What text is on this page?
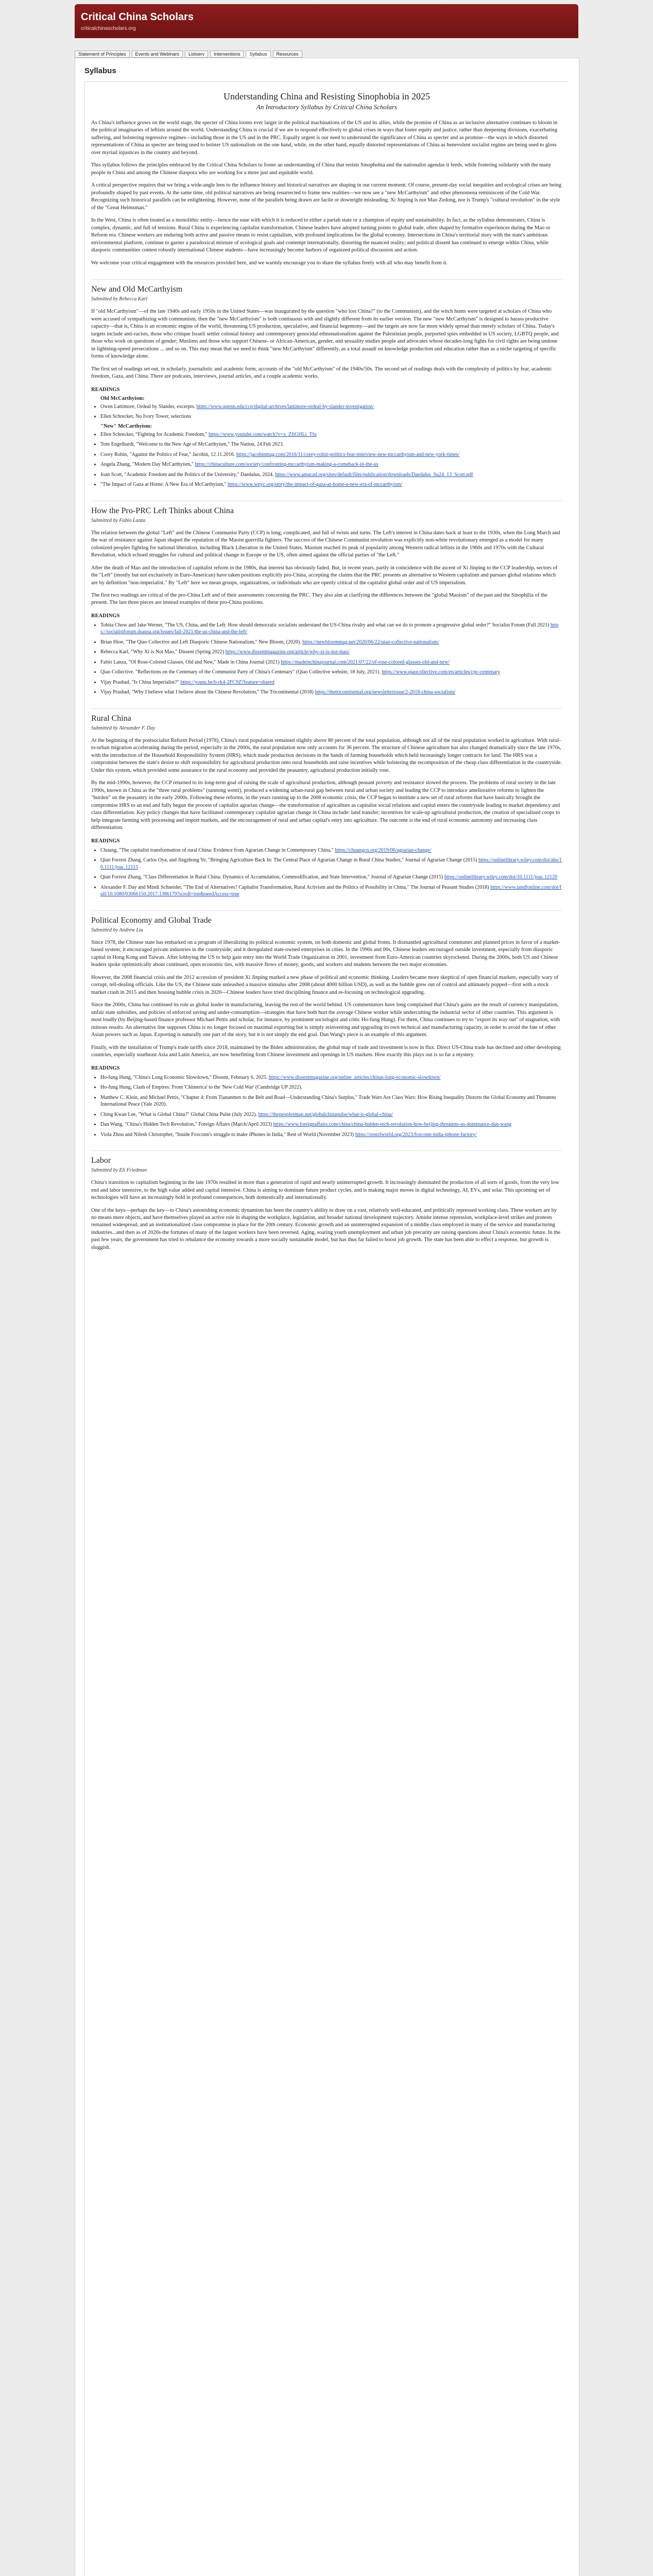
Critical China Scholars
criticalchinascholars.org
Statement of Principles	Events and Webinars	Listserv	Interventions	Syllabus	Resources
Syllabus
Understanding China and Resisting Sinophobia in 2025
An Introductory Syllabus by Critical China Scholars

As China's influence grows on the world stage, the specter of China looms ever larger in the political machinations of the US and its allies, while the promise of China as an inclusive alternative continues to bloom in the political imaginaries of leftists around the world. Understanding China is crucial if we are to respond effectively to global crises in ways that foster equity and justice, rather than deepening divisions, exacerbating suffering, and bolstering regressive regimes—including those in the US and in the PRC. Equally urgent is our need to understand the significance of China as specter and as promise—the ways in which distorted representations of China as specter are being used to bolster US nationalism on the one hand, while, on the other hand, equally distorted representations of China as benevolent socialist regime are being used to gloss over myriad injustices in the country and beyond.

This syllabus follows the principles embraced by the Critical China Scholars to foster an understanding of China that resists Sinophobia and the nationalist agendas it feeds, while fostering solidarity with the many people in China and among the Chinese diaspora who are working for a more just and equitable world.

A critical perspective requires that we bring a wide-angle lens to the influence history and historical narratives are shaping in our current moment. Of course, present-day social inequities and ecological crises are being profoundly shaped by past events. At the same time, old political narratives are being resurrected to frame new realities—we now see a "new McCarthyism" and other phenomena reminiscent of the Cold War. Recognizing such historical parallels can be enlightening. However, none of the parallels being drawn are facile or downright misleading. Xi Jinping is not Mao Zedong, nor is Trump's "cultural revolution" in the style of the "Great Helmsman."

In the West, China is often treated as a monolithic entity—hence the ease with which it is reduced to either a pariah state or a champion of equity and sustainability. In fact, as the syllabus demonstrates, China is complex, dynamic, and full of tensions. Rural China is experiencing capitalist transformation. Chinese leaders have adopted turning points to global trade, often shaped by formative experiences during the Mao or Reform era. Chinese workers are enduring both active and passive means to resist capitalism, with profound implications for the global economy. Intersections in China's territorial story with the state's ambitious environmental platform, continue to garner a paradoxical mixture of ecological goals and contempt internationally, distorting the nuanced reality; and political dissent has continued to emerge within China, while diasporic communities contest robustly international Chinese students—have increasingly become harbors of organized political discussion and action.

We welcome your critical engagement with the resources provided here, and we warmly encourage you to share the syllabus freely with all who may benefit from it.

New and Old McCarthyism
Submitted by Rebecca Karl

If "old McCarthyism"—of the late 1940s and early 1950s in the United States—was inaugurated by the question "who lost China?" (to the Communists), and the witch hunts were targeted at scholars of China who were accused of sympathizing with communism, then the "new McCarthyism" is both continuous with and slightly different from its earlier version. The new "new McCarthyism" is designed to harass productive capacity—that is, China is an economic engine of the world, threatening US production, speculative, and financial hegemony—and the targets are now far more widely spread than merely scholars of China. Today's targets include anti-racists, those who critique Israeli settler colonial history and contemporary genocidal ethnonationalism against the Palestinian people, purported spies embedded in US society, LGBTQ people, and those who work on questions of gender; Muslims and those who support Chinese- or African-American, gender, and sexuality studies people and advocates whose decades-long fights for civil rights are being undone in lightning-speed persecutions ... and so on. This may mean that we need to think "new McCarthyism" differently, as a total assault on knowledge production and education rather than as a niche targeting of specific forms of knowledge alone.

The first set of readings set out, in scholarly, journalistic and academic form, accounts of the "old McCarthyism" of the 1940s/50s. The second set of readings deals with the complexity of politics by fear, academic freedom, Gaza, and China. There are podcasts, interviews, journal articles, and a couple academic works.

READINGS
Old McCarthyism:
• Owen Lattimore, Ordeal by Slander, excerpts. https://www.upenn.edu/ccp/digital-archives/lattimore-ordeal-by-slander-investigation/
• Ellen Schrecker, No Ivory Tower, selections
"New" McCarthyism:
• Ellen Schrecker, "Fighting for Academic Freedom," https://www.youtube.com/watch?v=x_ZfiGHLi_Tfo
• Tom Engelhardt, "Welcome to the New Age of McCarthyism," The Nation, 24 Feb 2023.
• Corey Robin, "Against the Politics of Fear," Jacobin, 12.11.2016. https://jacobinmag.com/2016/11/corey-robin-politics-fear-interview-new-mccarthyism-and-new-york-times/
• Angela Zhang, "Modern Day McCarthyism," https://chinaculture.com/society/confronting-mccarthyism-making-a-comeback-in-the-us
• Joan Scott, "Academic Freedom and the Politics of the University," Daedalus, 2024. https://www.amacad.org/sites/default/files/publication/downloads/Daedalus_Su24_13_Scott.pdf
• "The Impact of Gaza at Home: A New Era of McCarthyism," https://www.wnyc.org/story/the-impact-of-gaza-at-home-a-new-era-of-mccarthyism/
How the Pro-PRC Left Thinks about China
Submitted by Fabio Lanza

The relation between the global "Left" and the Chinese Communist Party (CCP) is long, complicated, and full of twists and turns. The Left's interest in China dates back at least to the 1930s, when the Long March and the war of resistance against Japan shaped the reputation of the Maoist guerrilla fighters. The success of the Chinese Communist revolution was explicitly non-white revolutionary emerged as a model for many colonized peoples fighting for national liberation, including Black Liberation in the United States. Maoism reached its peak of popularity among Western radical leftists in the 1960s and 1970s with the Cultural Revolution, which echoed struggles for cultural and political change in Europe or the US, often aimed against the official parties of "the Left."

After the death of Mao and the introduction of capitalist reform in the 1980s, that interest has obviously faded. But, in recent years, partly in coincidence with the ascent of Xi Jinping to the CCP leadership, sectors of the "Left" (mostly but not exclusively in Euro-American) have taken positions explicitly pro-China, accepting the claims that the PRC presents an alternative to Western capitalism and pursues global relations which are by definition "non-imperialist." By "Left" here we mean groups, organizations, or individuals who are openly critical of the capitalist global order and of US imperialism.

The first two readings are critical of the pro-China Left and of their assessments concerning the PRC. They also aim at clarifying the differences between the "global Maoism" of the past and the Sinophilia of the present. The last three pieces are instead examples of these pro-China positions.

READINGS
• Tobita Chow and Jake Werner, "The US, China, and the Left: How should democratic socialists understand the US-China rivalry and what can we do to promote a progressive global order?" Socialist Forum (Fall 2021) https://socialistforum.dsausa.org/issues/fall-2021/the-us-china-and-the-left/
• Brian Hioe, "The Qiao Collective and Left Diasporic Chinese Nationalism," New Bloom, (2020). https://newbloommag.net/2020/06/22/qiao-collective-nationalism/
• Rebecca Karl, "Why Xi is Not Mao," Dissent (Spring 2022) https://www.dissentmagazine.org/article/why-xi-is-not-mao/
• Fabio Lanza, "Of Rose-Colored Glasses, Old and New," Made in China Journal (2021) https://madeinchinajournal.com/2021/07/22/of-rose-colored-glasses-old-and-new/
• Qiao Collective. "Reflections on the Centenary of the Communist Party of China's Centenary" (Qiao Collective website, 18 July, 2021). https://www.qiaocollective.com/en/articles/cpc-centenary
• Vijay Prashad, "Is China Imperialist?" https://youtu.be/b-rk4-2FC9Z?feature=shared
• Vijay Prashad, "Why I believe what I believe about the Chinese Revolution," The Tricontinental (2018) https://thetricontinental.org/newsletterissue/2-2018-china-socialism/
Rural China
Submitted by Alexander F. Day

At the beginning of the postsocialist Reform Period (1978), China's rural population remained slightly above 80 percent of the total population, although not all of the rural population worked in agriculture. With rural-to-urban migration accelerating during the period, especially in the 2000s, the rural population now only accounts for 36 percent. The structure of Chinese agriculture has also changed dramatically since the late 1970s, with the introduction of the Household Responsibility System (HRS), which made production decisions in the hands of farming households which held increasingly longer contracts for land. The HRS was a compromise between the state's desire to shift responsibility for agricultural production onto rural households and raise incentives while bolstering the recomposition of the cheap class differentiation in the countryside. Under this system, which provided some assurance to the rural economy and provided the peasantry, agricultural production initially rose.

By the mid-1990s, however, the CCP returned to its long-term goal of raising the scale of agricultural production, although peasant poverty and resistance slowed the process. The problems of rural society in the late 1990s, known in China as the "three rural problems" (sannong wenti), produced a widening urban-rural gap between rural and urban society and leading the CCP to introduce ameliorative reforms to lighten the "burden" on the peasantry in the early 2000s. Following these reforms, in the years running up to the 2008 economic crisis, the CCP began to institute a new set of rural reforms that have basically brought the compromise HRS to an end and fully begun the process of capitalist agrarian change—the transformation of agriculture as capitalist social relations and capital enters the countryside leading to market dependency and class differentiation. Key policy changes that have facilitated contemporary capitalist agrarian change in China include: land transfer; incentives for scale-up agricultural production, the creation of specialized coops to help integrate farming with processing and import markets, and the encouragement of rural and urban capital's entry into agriculture. The outcome is the end of rural economic autonomy and increasing class differentiation.

READINGS
• Chuang, "The capitalist transformation of rural China: Evidence from Agrarian Change in Contemporary China," https://chuangcn.org/2019/06/agrarian-change/
• Qian Forrest Zhang, Carlos Oya, and Jingzhong Ye, "Bringing Agriculture Back In: The Central Place of Agrarian Change in Rural China Studies," Journal of Agrarian Change (2015) https://onlinelibrary.wiley.com/doi/abs/10.1111/joac.12115
• Qian Forrest Zhang, "Class Differentiation in Rural China: Dynamics of Accumulation, Commodification, and State Intervention," Journal of Agrarian Change (2015) https://onlinelibrary.wiley.com/doi/10.1111/joac.12120
• Alexander F. Day and Mindi Schneider, "The End of Alternatives? Capitalist Transformation, Rural Activism and the Politics of Possibility in China," The Journal of Peasant Studies (2018) https://www.tandfonline.com/doi/full/10.1080/03066150.2017.1386179?scroll=top&needAccess=true
Political Economy and Global Trade
Submitted by Andrew Liu

Since 1978, the Chinese state has embarked on a program of liberalizing its political economic system, on both domestic and global fronts. It dismantled agricultural communes and planned prices in favor of a market-based system; it encouraged private industries in the countryside; and it deregulated state-owned enterprises in cities. In the 1990s and 00s, Chinese leaders encouraged outside investment, especially from diasporic capital in Hong Kong and Taiwan. After lobbying the US to help gain entry into the World Trade Organization in 2001, investment from Euro-American countries skyrocketed. During the 2000s, both US and Chinese leaders spoke optimistically about continued, open economic ties, with massive flows of money, goods, and workers and students between the two major economies.

However, the 2008 financial crisis and the 2012 accession of president Xi Jinping marked a new phase of political and economic thinking. Leaders became more skeptical of open financial markets, especially wary of corrupt, tell-dealing officials. Like the US, the Chinese state unleashed a massive stimulus after 2008 (about 4000 billion USD), as well as the bubble grew out of control and ultimately popped—first with a stock market crash in 2015 and then housing bubble crisis in 2020—Chinese leaders have tried disciplining finance and re-focusing on technological upgrading.

Since the 2000s, China has continued its role as global leader in manufacturing, leaving the rest of the world behind. US commentators have long complained that China's gains are the result of currency manipulation, unfair state subsidies, and policies of enforced saving and under-consumption—strategies that have both hurt the average Chinese worker while undercutting the industrial sector of other countries. This argument is most loudly (by Beijing-based finance professor Michael Pettis and scholar, for instance, by prominent sociologist and critic Ho-fung Hung). For them, China continues to try to "export its way out" of stagnation, with ruinous results. An alternative line supposes China is no longer focused on maximal exporting but is simply reinventing and upgrading its own technical and manufacturing capacity, in order to avoid the fate of other Asian powers such as Japan. Exporting is naturally one part of the story, but it is not simply the end goal. Dan Wang's piece is an example of this argument.

Finally, with the installation of Trump's trade tariffs since 2018, maintained by the Biden administration, the global map of trade and investment is now in flux. Direct US-China trade has declined and other developing countries, especially southeast Asia and Latin America, are now benefitting from Chinese investment and openings in US markets. How exactly this plays out is so far a mystery.

READINGS
• Ho-fung Hung, "China's Long Economic Slowdown," Dissent, February 6, 2025. https://www.dissentmagazine.org/online_articles/chinas-long-economic-slowdown/
• Ho-fung Hung, Clash of Empires: From 'Chimerica' to the 'New Cold War' (Cambridge UP 2022).
• Matthew C. Klein, and Michael Pettis, "Chapter 4: From Tiananmen to the Belt and Road—Understanding China's Surplus," Trade Wars Are Class Wars: How Rising Inequality Distorts the Global Economy and Threatens International Peace (Yale 2020).
• Ching Kwan Lee, "What is Global China?" Global China Pulse (July 2022). https://thepeoplesmap.net/globalchinapulse/what-is-global-china/
• Dan Wang, "China's Hidden Tech Revolution," Foreign Affairs (March/April 2023) https://www.foreignaffairs.com/china/china-hidden-tech-revolution-how-beijing-threatens-us-dominance-dan-wang
• Viola Zhou and Nilesh Christopher, "Inside Foxconn's struggle to make iPhones in India," Rest of World (November 2023) https://restofworld.org/2023/foxconn-india-iphone-factory/
Labor
Submitted by Eli Friedman

China's transition to capitalism beginning in the late 1970s resulted in more than a generation of rapid and nearly uninterrupted growth. It increasingly dominated the production of all sorts of goods, from the very low end and labor intensive, to the high value added and capital intensive. China is aiming to dominate future product cycles, and is making major moves in digital technology, AI, EVs, and solar. This upcoming set of technologies will have an increasingly bold in profound consequences, both domestically and internationally.

One of the keys—perhaps the key—to China's astonishing economic dynamism has been the country's ability to draw on a vast, relatively well-educated, and politically repressed working class. These workers are by no means mere objects, and have themselves played an active role in shaping the workplace, legislation, and broader national development trajectory. Amidst intense repression, workplace-level strikes and protests remained widespread, and an institutionalized class compromise in place for the 20th century. Economic growth and an uninterrupted expansion of a middle class employed in many of the service and manufacturing industries...and then as of 2020s-the fortunes of many of the largest workers have been reversed. Aging, soaring youth unemployment and urban job precarity are raising questions about China's economic future. In the past few years, the government has tried to rebalance the economy towards a more socially sustainable model, but has thus far failed to boost job growth. The state has been able to effect a response, but growth is sluggish.
